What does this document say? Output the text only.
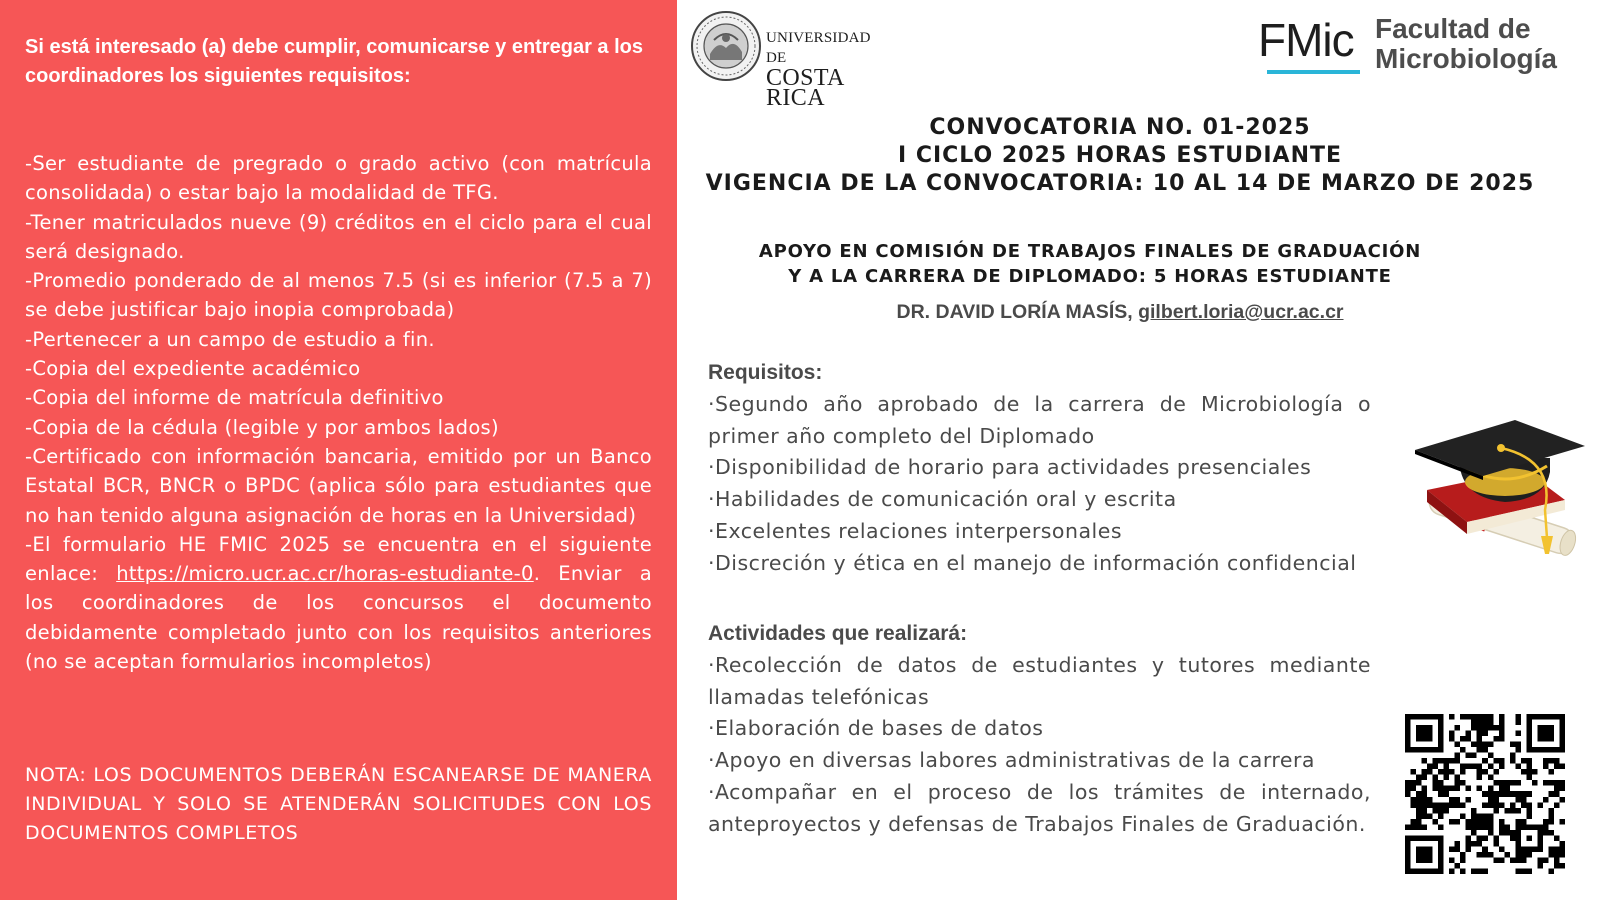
Si está interesado (a) debe cumplir, comunicarse y entregar a los coordinadores los siguientes requisitos:

-Ser estudiante de pregrado o grado activo (con matrícula consolidada) o estar bajo la modalidad de TFG.
-Tener matriculados nueve (9) créditos en el ciclo para el cual será designado.
-Promedio ponderado de al menos 7.5 (si es inferior (7.5 a 7) se debe justificar bajo inopia comprobada)
-Pertenecer a un campo de estudio a fin.
-Copia del expediente académico
-Copia del informe de matrícula definitivo
-Copia de la cédula (legible y por ambos lados)
-Certificado con información bancaria, emitido por un Banco Estatal BCR, BNCR o BPDC (aplica sólo para estudiantes que no han tenido alguna asignación de horas en la Universidad)
-El formulario HE FMIC 2025 se encuentra en el siguiente enlace: https://micro.ucr.ac.cr/horas-estudiante-0. Enviar a los coordinadores de los concursos el documento debidamente completado junto con los requisitos anteriores (no se aceptan formularios incompletos)

NOTA: LOS DOCUMENTOS DEBERÁN ESCANEARSE DE MANERA INDIVIDUAL Y SOLO SE ATENDERÁN SOLICITUDES CON LOS DOCUMENTOS COMPLETOS

UNIVERSIDAD DE
COSTA RICA
FMic Facultad de
Microbiología
CONVOCATORIA NO. 01-2025
I CICLO 2025 HORAS ESTUDIANTE
VIGENCIA DE LA CONVOCATORIA: 10 AL 14 DE MARZO DE 2025
APOYO EN COMISIÓN DE TRABAJOS FINALES DE GRADUACIÓN
Y A LA CARRERA DE DIPLOMADO: 5 HORAS ESTUDIANTE
DR. DAVID LORÍA MASÍS, gilbert.loria@ucr.ac.cr

Requisitos:

·Segundo año aprobado de la carrera de Microbiología o primer año completo del Diplomado
·Disponibilidad de horario para actividades presenciales
·Habilidades de comunicación oral y escrita
·Excelentes relaciones interpersonales
·Discreción y ética en el manejo de información confidencial

Actividades que realizará:

·Recolección de datos de estudiantes y tutores mediante llamadas telefónicas
·Elaboración de bases de datos
·Apoyo en diversas labores administrativas de la carrera
·Acompañar en el proceso de los trámites de internado, anteproyectos y defensas de Trabajos Finales de Graduación.
